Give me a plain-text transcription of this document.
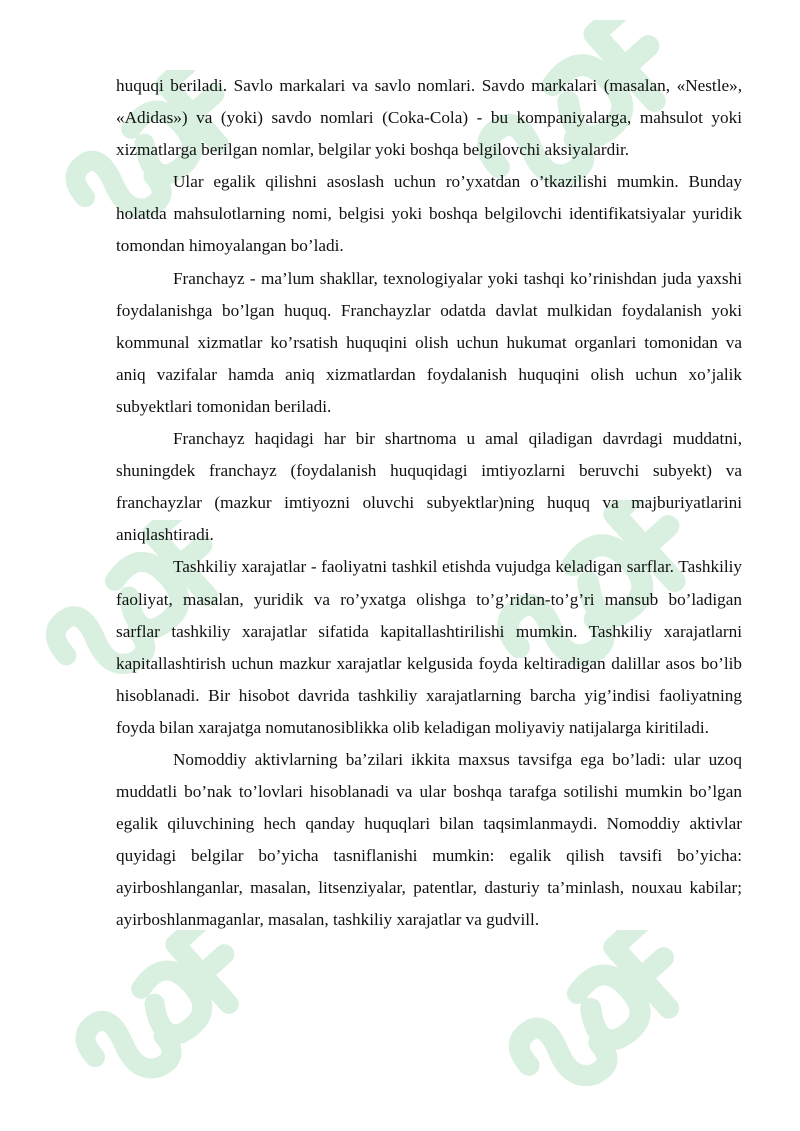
huquqi beriladi. Savlo markalari va savlo nomlari. Savdo markalari (masalan, «Nestle», «Adidas») va (yoki) savdo nomlari (Coka-Cola) - bu kompaniyalarga, mahsulot yoki xizmatlarga berilgan nomlar, belgilar yoki boshqa belgilovchi aksiyalardir.

Ular egalik qilishni asoslash uchun ro’yxatdan o’tkazilishi mumkin. Bunday holatda mahsulotlarning nomi, belgisi yoki boshqa belgilovchi identifikatsiyalar yuridik tomondan himoyalangan bo’ladi.

Franchayz - ma’lum shakllar, texnologiyalar yoki tashqi ko’rinishdan juda yaxshi foydalanishga bo’lgan huquq. Franchayzlar odatda davlat mulkidan foydalanish yoki kommunal xizmatlar ko’rsatish huquqini olish uchun hukumat organlari tomonidan va aniq vazifalar hamda aniq xizmatlardan foydalanish huquqini olish uchun xo’jalik subyektlari tomonidan beriladi.

Franchayz haqidagi har bir shartnoma u amal qiladigan davrdagi muddatni, shuningdek franchayz (foydalanish huquqidagi imtiyozlarni beruvchi subyekt) va franchayzlar (mazkur imtiyozni oluvchi subyektlar)ning huquq va majburiyatlarini aniqlashtiradi.

Tashkiliy xarajatlar - faoliyatni tashkil etishda vujudga keladigan sarflar. Tashkiliy faoliyat, masalan, yuridik va ro’yxatga olishga to’g’ridan-to’g’ri mansub bo’ladigan sarflar tashkiliy xarajatlar sifatida kapitallashtirilishi mumkin. Tashkiliy xarajatlarni kapitallashtirish uchun mazkur xarajatlar kelgusida foyda keltiradigan dalillar asos bo’lib hisoblanadi. Bir hisobot davrida tashkiliy xarajatlarning barcha yig’indisi faoliyatning foyda bilan xarajatga nomutanosiblikka olib keladigan moliyaviy natijalarga kiritiladi.

Nomoddiy aktivlarning ba’zilari ikkita maxsus tavsifga ega bo’ladi: ular uzoq muddatli bo’nak to’lovlari hisoblanadi va ular boshqa tarafga sotilishi mumkin bo’lgan egalik qiluvchining hech qanday huquqlari bilan taqsimlanmaydi. Nomoddiy aktivlar quyidagi belgilar bo’yicha tasniflanishi mumkin: egalik qilish tavsifi bo’yicha: ayirboshlanganlar, masalan, litsenziyalar, patentlar, dasturiy ta’minlash, nouxau kabilar; ayirboshlanmaganlar, masalan, tashkiliy xarajatlar va gudvill.
